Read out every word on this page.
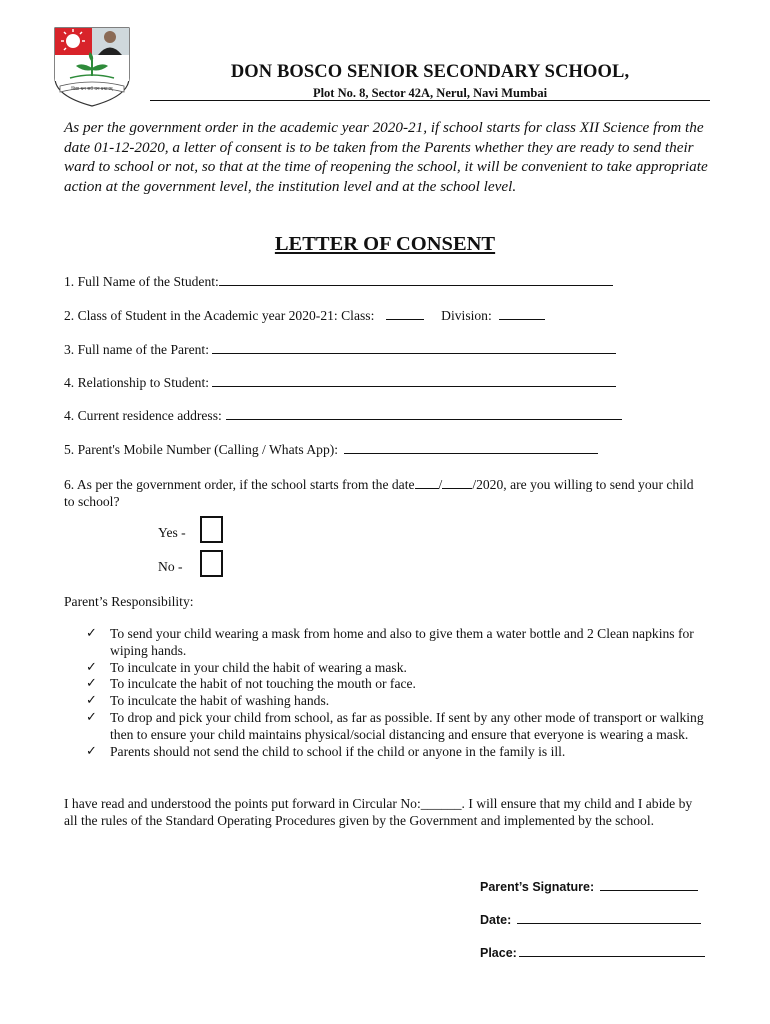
विद्या धन सर्व धन प्रधानम्
DON BOSCO SENIOR SECONDARY SCHOOL,
Plot No. 8, Sector 42A, Nerul, Navi Mumbai
As per the government order in the academic year 2020-21, if school starts for class XII Science from the date 01-12-2020, a letter of consent is to be taken from the Parents whether they are ready to send their ward to school or not, so that at the time of reopening the school, it will be convenient to take appropriate action at the government level, the institution level and at the school level.
LETTER OF CONSENT
1. Full Name of the Student:
2. Class of Student in the Academic year 2020-21: Class:	Division:
3. Full name of the Parent:
4. Relationship to Student:
4. Current residence address:
5. Parent's Mobile Number (Calling / Whats App):
6. As per the government order, if the school starts from the date / /2020, are you willing to send your child to school?
Yes -
No -
Parent’s Responsibility:
✓ To send your child wearing a mask from home and also to give them a water bottle and 2 Clean napkins for wiping hands.
✓ To inculcate in your child the habit of wearing a mask.
✓ To inculcate the habit of not touching the mouth or face.
✓ To inculcate the habit of washing hands.
✓ To drop and pick your child from school, as far as possible. If sent by any other mode of transport or walking then to ensure your child maintains physical/social distancing and ensure that everyone is wearing a mask.
✓ Parents should not send the child to school if the child or anyone in the family is ill.
I have read and understood the points put forward in Circular No:______. I will ensure that my child and I abide by all the rules of the Standard Operating Procedures given by the Government and implemented by the school.
Parent’s Signature:
Date:
Place:
